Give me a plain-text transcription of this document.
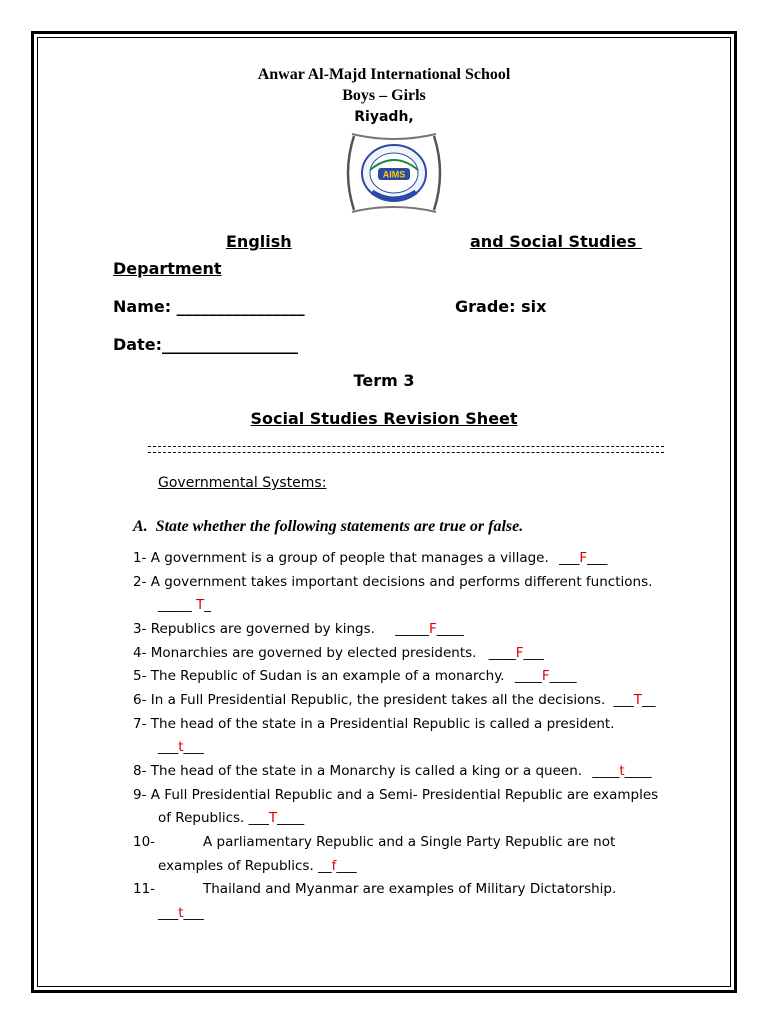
Anwar Al-Majd International School
Boys – Girls
Riyadh,
AIMS
English	and Social Studies
Department
Name: ________________	Grade: six
Date:_________________
Term 3
Social Studies Revision Sheet
Governmental Systems:
A.  State whether the following statements are true or false.
1- A government is a group of people that manages a village. ___F___
2- A government takes important decisions and performs different functions.
_____ T_
3- Republics are governed by kings. _____F____
4- Monarchies are governed by elected presidents. ____F___
5- The Republic of Sudan is an example of a monarchy. ____F____
6- In a Full Presidential Republic, the president takes all the decisions. ___T__
7- The head of the state in a Presidential Republic is called a president.
___t___
8- The head of the state in a Monarchy is called a king or a queen. ____t____
9- A Full Presidential Republic and a Semi- Presidential Republic are examples
of Republics. ___T____
10-	A parliamentary Republic and a Single Party Republic are not
examples of Republics. __f___
11-	Thailand and Myanmar are examples of Military Dictatorship.
___t___
